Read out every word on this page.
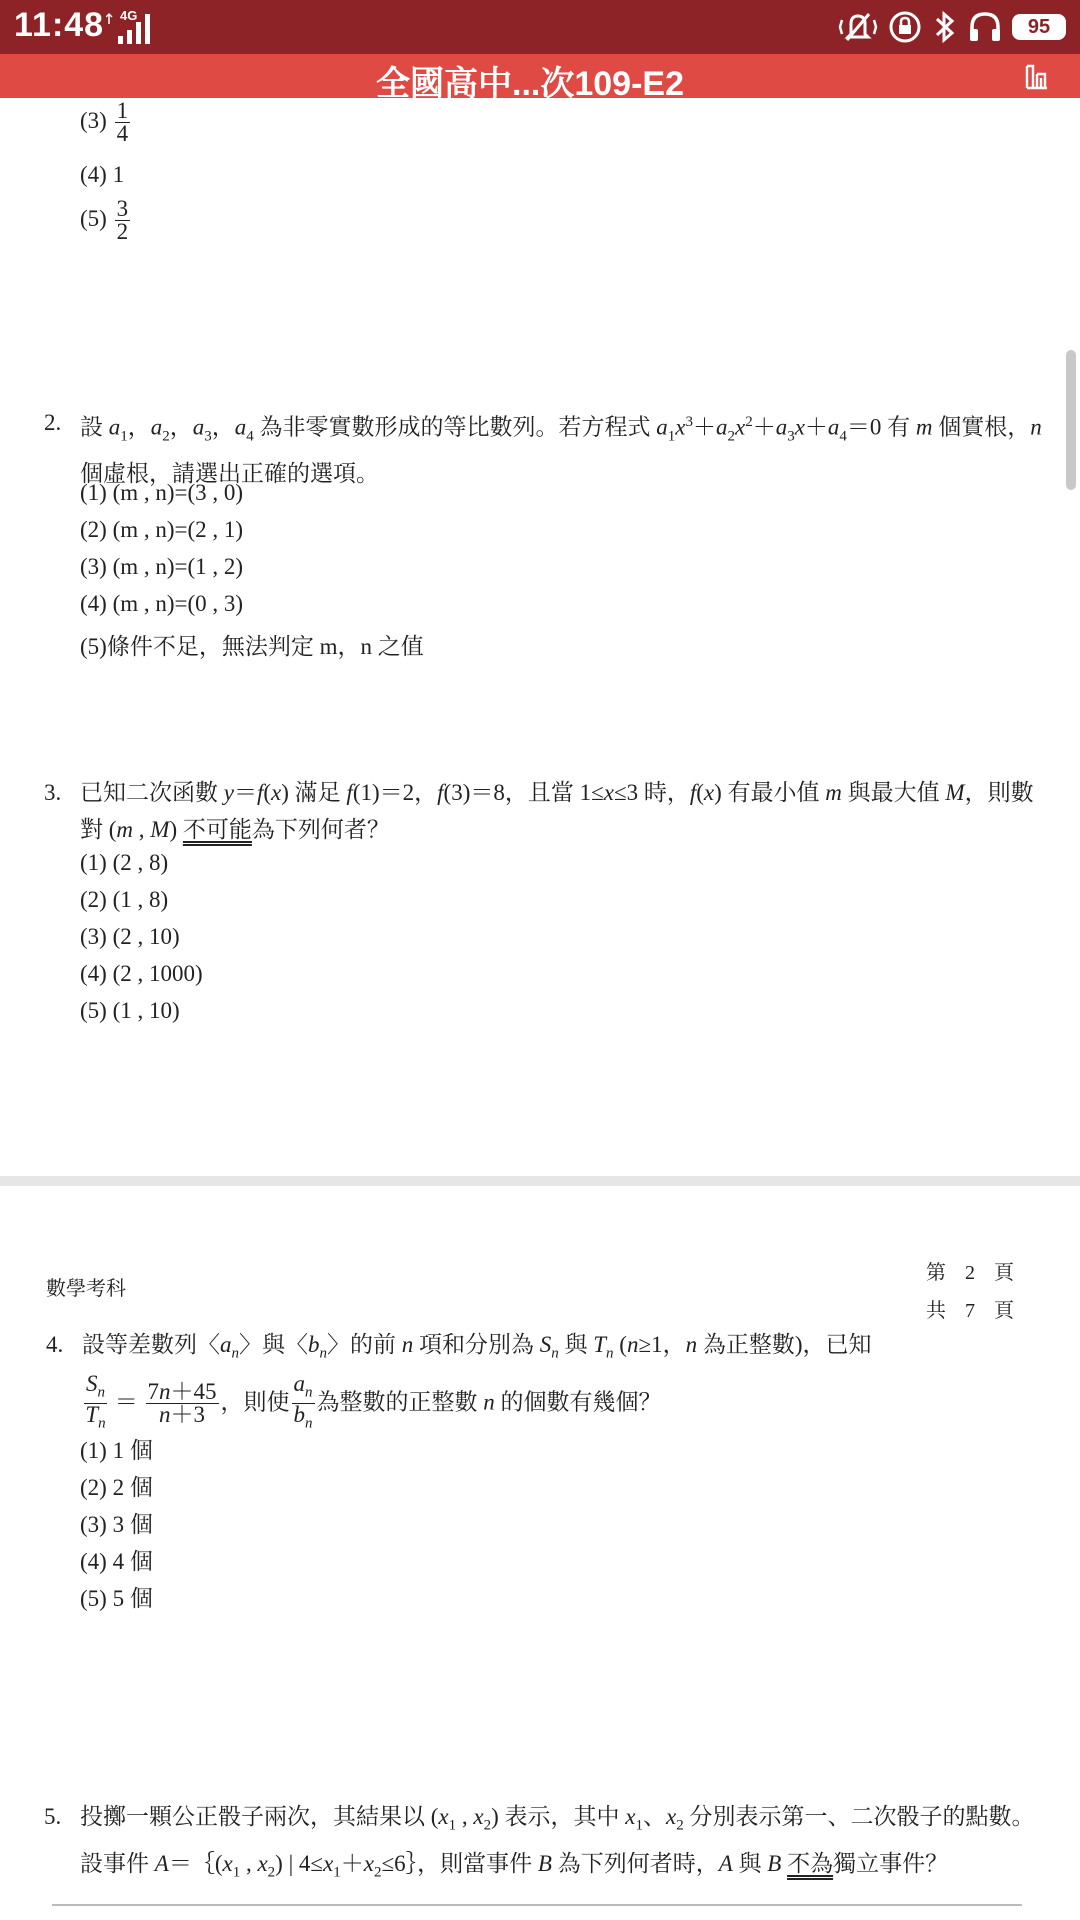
11:48 4G	95
全國高中...次109-E2
$(3) \frac{1}{4}$
(4) 1
$(5) \frac{3}{2}$
2. 設 $a_1$，$a_2$，$a_3$，$a_4$ 為非零實數形成的等比數列。若方程式 $a_1x^3+a_2x^2+a_3x+a_4=0$ 有 m 個實根，n 個虛根，請選出正確的選項。
(1) (m , n)=(3 , 0)
(2) (m , n)=(2 , 1)
(3) (m , n)=(1 , 2)
(4) (m , n)=(0 , 3)
(5)條件不足，無法判定 m，n 之值
3. 已知二次函數 y＝f(x) 滿足 f(1)＝2，f(3)＝8，且當 1≤x≤3 時，f(x) 有最小值 m 與最大值 M，則數對 (m , M) 不可能為下列何者？
(1) (2 , 8)
(2) (1 , 8)
(3) (2 , 10)
(4) (2 , 1000)
(5) (1 , 10)
數學考科
第 2 頁
共 7 頁
4. 設等差數列〈$a_n$〉與〈$b_n$〉的前 n 項和分別為 $S_n$ 與 $T_n$ (n≥1，n 為正整數)，已知

$\frac{S_n}{T_n} = \frac{7n+45}{n+3}$ ，則使 $\frac{a_n}{b_n}$ 為整數的正整數 n 的個數有幾個？
(1) 1 個
(2) 2 個
(3) 3 個
(4) 4 個
(5) 5 個
5. 投擲一顆公正骰子兩次，其結果以 ($x_1$ , $x_2$) 表示，其中 $x_1$、$x_2$ 分別表示第一、二次骰子的點數。設事件 $A=\{(x_1$ , $x_2$) | $4\le x_1+x_2\le 6\}$，則當事件 B 為下列何者時，A 與 B 不為獨立事件？
